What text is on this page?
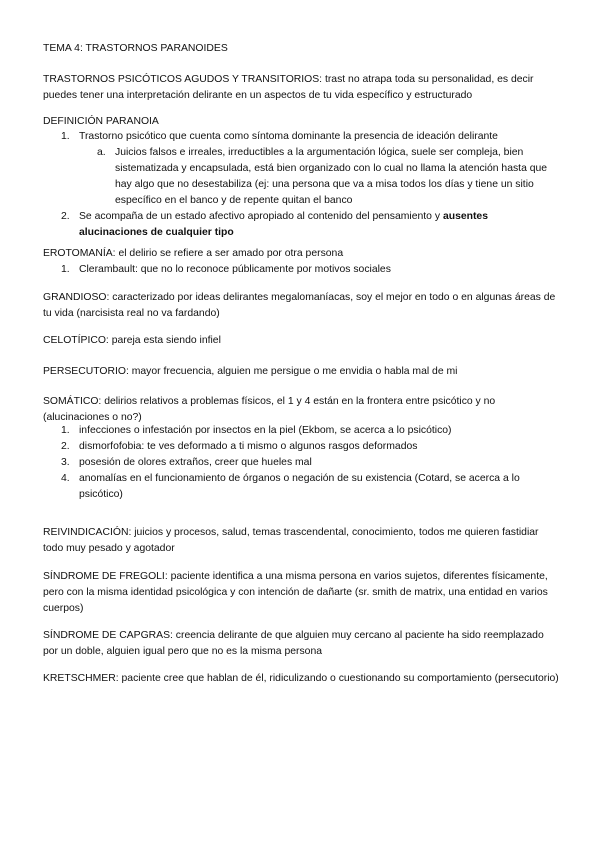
TEMA 4: TRASTORNOS PARANOIDES

TRASTORNOS PSICÓTICOS AGUDOS Y TRANSITORIOS: trast no atrapa toda su personalidad, es decir puedes tener una interpretación delirante en un aspectos de tu vida específico y estructurado

DEFINICIÓN PARANOIA

1. Trastorno psicótico que cuenta como síntoma dominante la presencia de ideación delirante
a. Juicios falsos e irreales, irreductibles a la argumentación lógica, suele ser compleja, bien sistematizada y encapsulada, está bien organizado con lo cual no llama la atención hasta que hay algo que no desestabiliza (ej: una persona que va a misa todos los días y tiene un sitio específico en el banco y de repente quitan el banco
2. Se acompaña de un estado afectivo apropiado al contenido del pensamiento y ausentes alucinaciones de cualquier tipo

EROTOMANÍA: el delirio se refiere a ser amado por otra persona

1. Clerambault: que no lo reconoce públicamente por motivos sociales

GRANDIOSO: caracterizado por ideas delirantes megalomaníacas, soy el mejor en todo o en algunas áreas de tu vida (narcisista real no va fardando)

CELOTÍPICO: pareja esta siendo infiel

PERSECUTORIO: mayor frecuencia, alguien me persigue o me envidia o habla mal de mi

SOMÁTICO: delirios relativos a problemas físicos, el 1 y 4 están en la frontera entre psicótico y no (alucinaciones o no?)

1. infecciones o infestación por insectos en la piel (Ekbom, se acerca a lo psicótico)
2. dismorfofobia: te ves deformado a ti mismo o algunos rasgos deformados
3. posesión de olores extraños, creer que hueles mal
4. anomalías en el funcionamiento de órganos o negación de su existencia (Cotard, se acerca a lo psicótico)

REIVINDICACIÓN: juicios y procesos, salud, temas trascendental, conocimiento, todos me quieren fastidiar todo muy pesado y agotador

SÍNDROME DE FREGOLI: paciente identifica a una misma persona en varios sujetos, diferentes físicamente, pero con la misma identidad psicológica y con intención de dañarte (sr. smith de matrix, una entidad en varios cuerpos)

SÍNDROME DE CAPGRAS: creencia delirante de que alguien muy cercano al paciente ha sido reemplazado por un doble, alguien igual pero que no es la misma persona

KRETSCHMER: paciente cree que hablan de él, ridiculizando o cuestionando su comportamiento (persecutorio)
